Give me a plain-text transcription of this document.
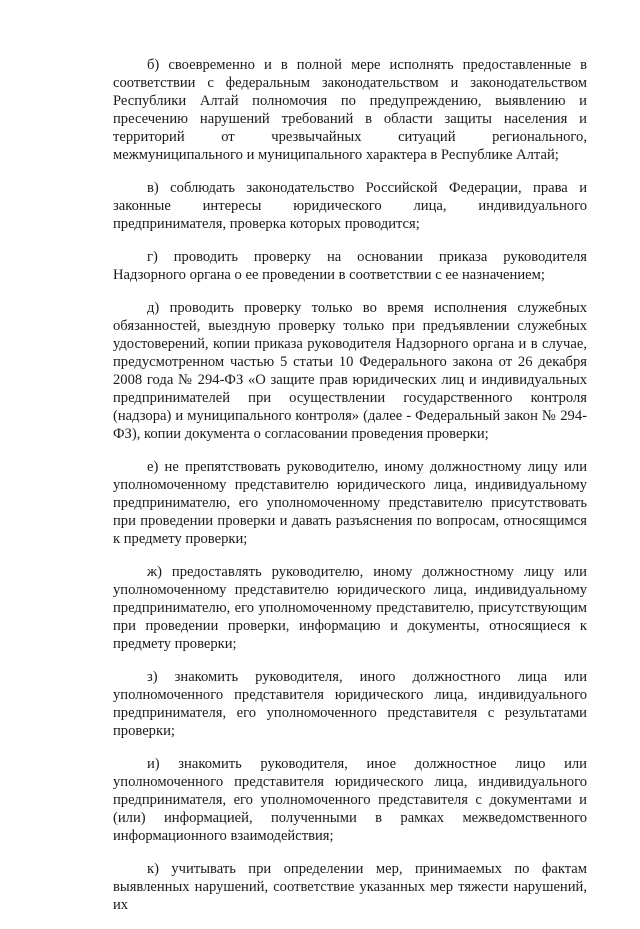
б) своевременно и в полной мере исполнять предоставленные в соответствии с федеральным законодательством и законодательством Республики Алтай полномочия по предупреждению, выявлению и пресечению нарушений требований в области защиты населения и территорий от чрезвычайных ситуаций регионального, межмуниципального и муниципального характера в Республике Алтай;

в) соблюдать законодательство Российской Федерации, права и законные интересы юридического лица, индивидуального предпринимателя, проверка которых проводится;

г) проводить проверку на основании приказа руководителя Надзорного органа о ее проведении в соответствии с ее назначением;

д) проводить проверку только во время исполнения служебных обязанностей, выездную проверку только при предъявлении служебных удостоверений, копии приказа руководителя Надзорного органа и в случае, предусмотренном частью 5 статьи 10 Федерального закона от 26 декабря 2008 года № 294-ФЗ «О защите прав юридических лиц и индивидуальных предпринимателей при осуществлении государственного контроля (надзора) и муниципального контроля» (далее - Федеральный закон № 294-ФЗ), копии документа о согласовании проведения проверки;

е) не препятствовать руководителю, иному должностному лицу или уполномоченному представителю юридического лица, индивидуальному предпринимателю, его уполномоченному представителю присутствовать при проведении проверки и давать разъяснения по вопросам, относящимся к предмету проверки;

ж) предоставлять руководителю, иному должностному лицу или уполномоченному представителю юридического лица, индивидуальному предпринимателю, его уполномоченному представителю, присутствующим при проведении проверки, информацию и документы, относящиеся к предмету проверки;

з) знакомить руководителя, иного должностного лица или уполномоченного представителя юридического лица, индивидуального предпринимателя, его уполномоченного представителя с результатами проверки;

и) знакомить руководителя, иное должностное лицо или уполномоченного представителя юридического лица, индивидуального предпринимателя, его уполномоченного представителя с документами и (или) информацией, полученными в рамках межведомственного информационного взаимодействия;

к) учитывать при определении мер, принимаемых по фактам выявленных нарушений, соответствие указанных мер тяжести нарушений, их
